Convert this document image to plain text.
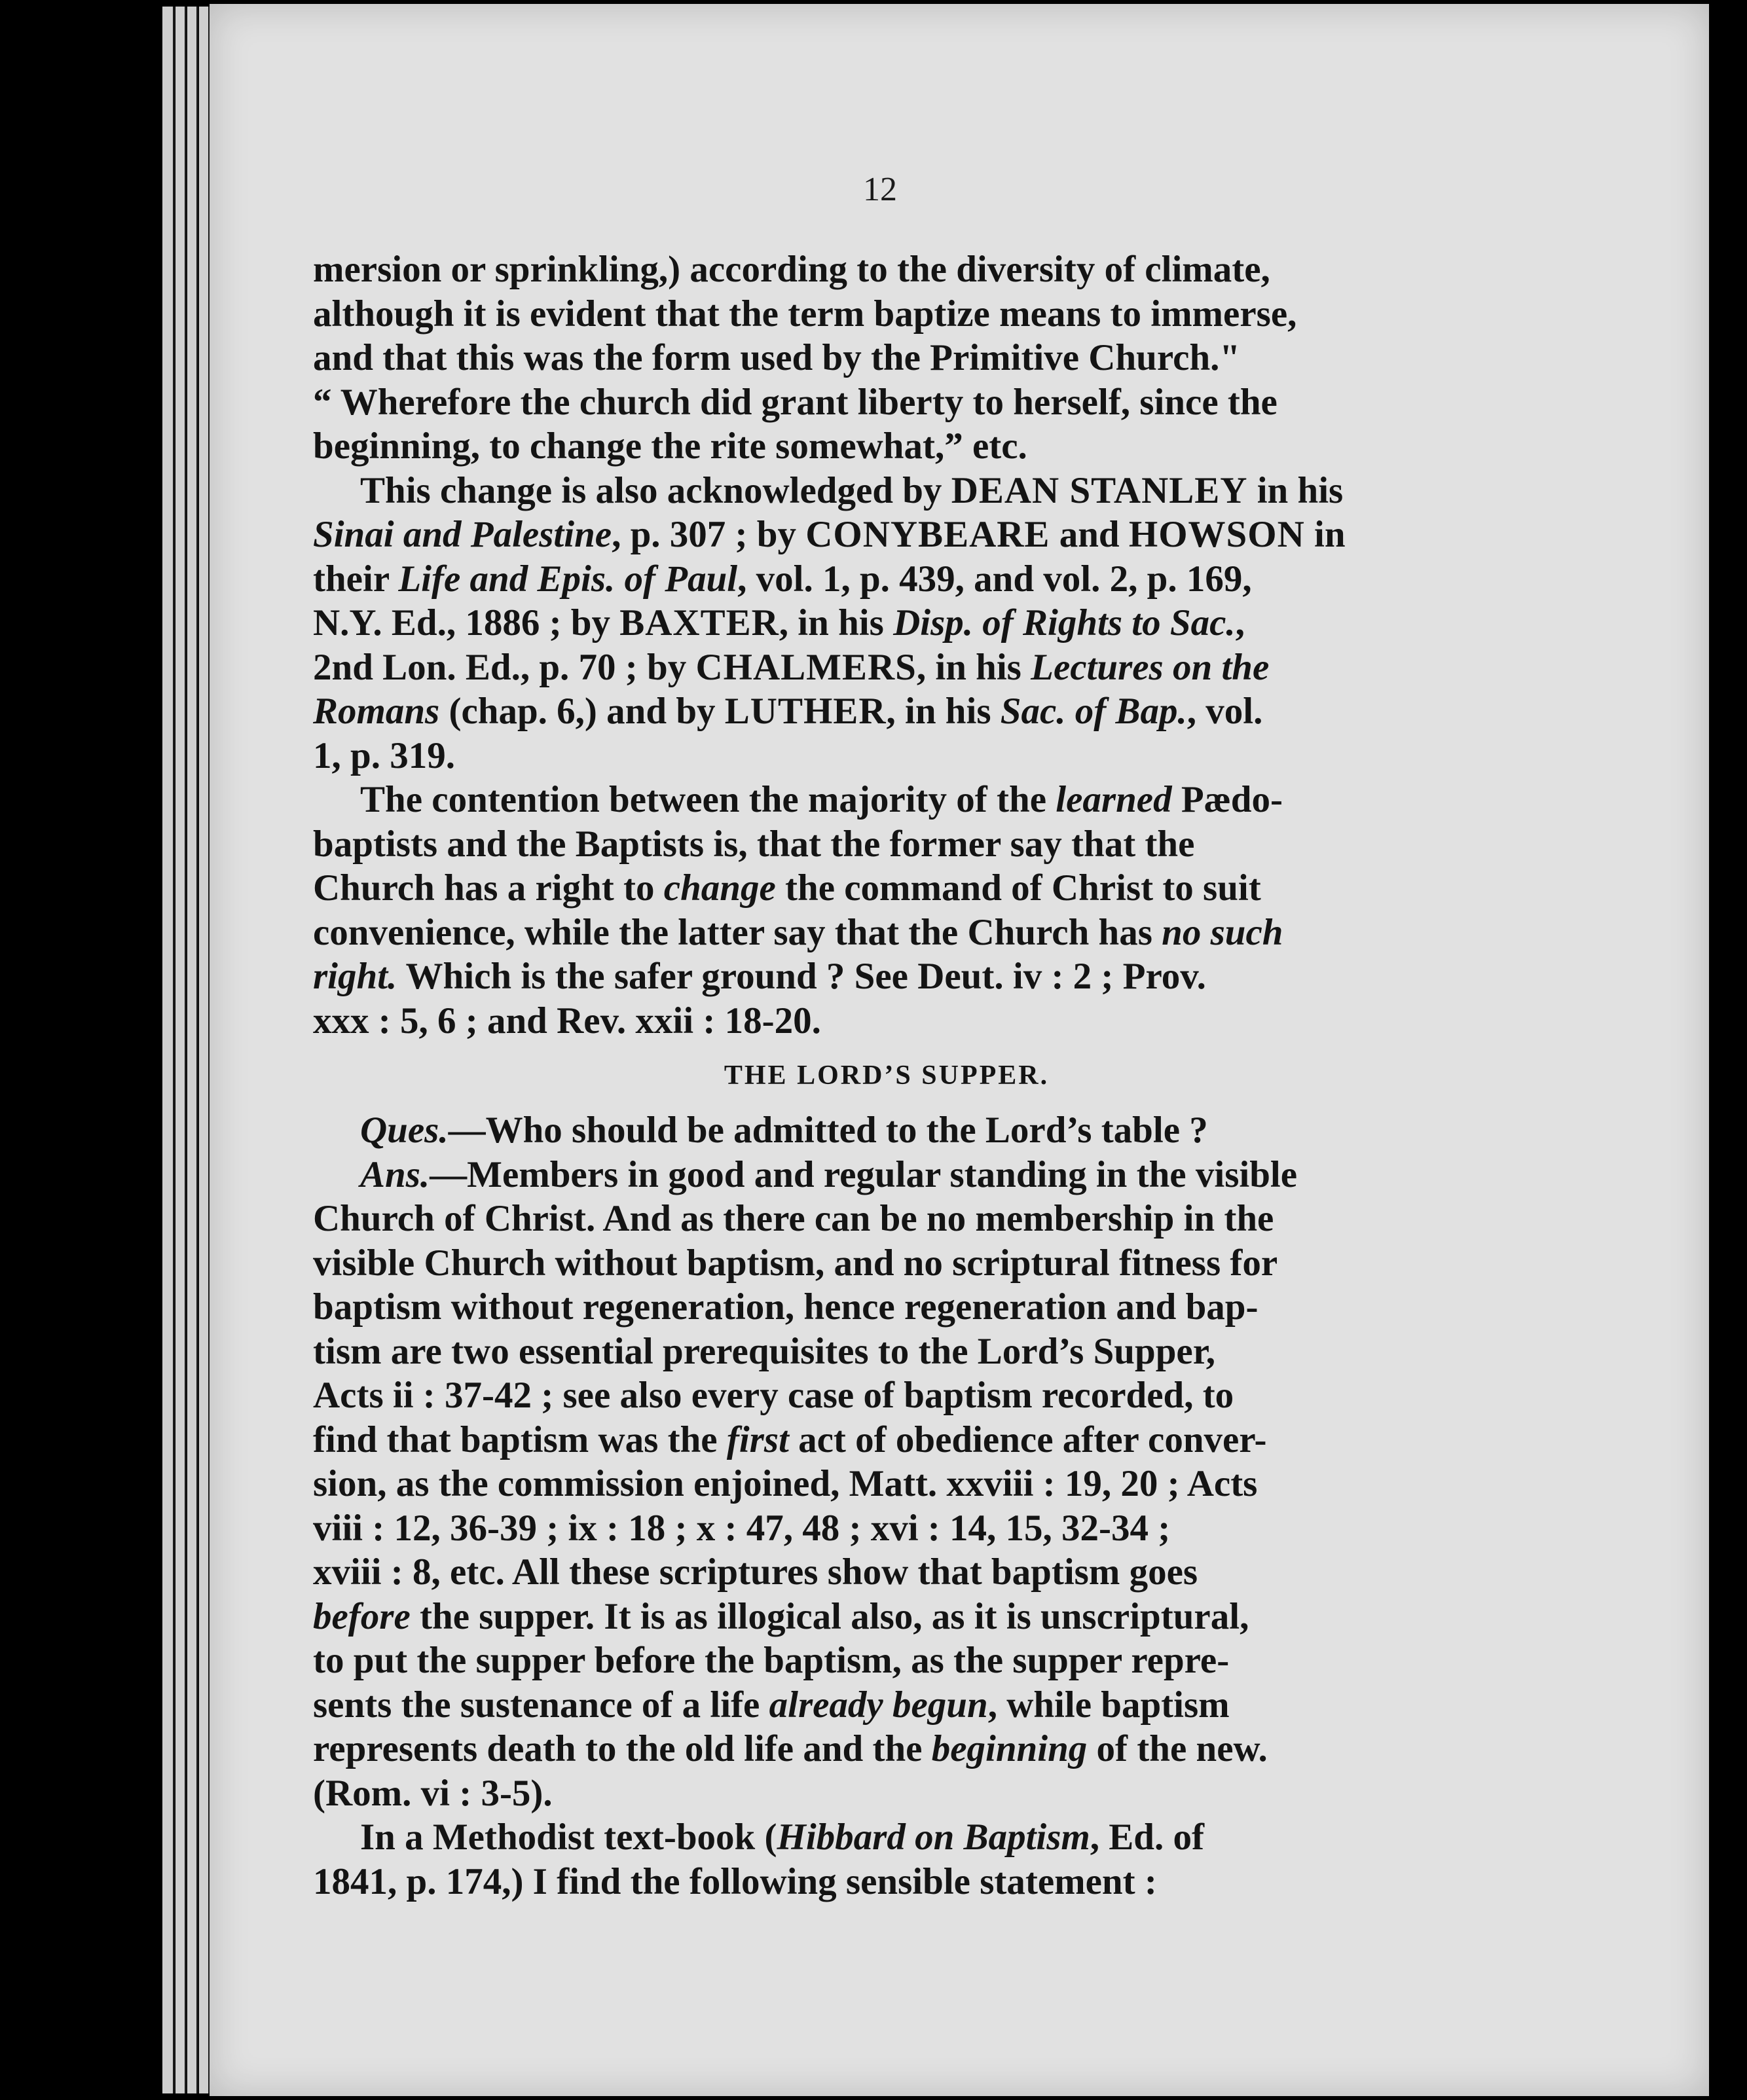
12
mersion or sprinkling,) according to the diversity of climate,
although it is evident that the term baptize means to immerse,
and that this was the form used by the Primitive Church."
“ Wherefore the church did grant liberty to herself, since the
beginning, to change the rite somewhat,” etc.
This change is also acknowledged by DEAN STANLEY in his
Sinai and Palestine, p. 307 ; by CONYBEARE and HOWSON in
their Life and Epis. of Paul, vol. 1, p. 439, and vol. 2, p. 169,
N.Y. Ed., 1886 ; by BAXTER, in his Disp. of Rights to Sac.,
2nd Lon. Ed., p. 70 ; by CHALMERS, in his Lectures on the
Romans (chap. 6,) and by LUTHER, in his Sac. of Bap., vol.
1, p. 319.
The contention between the majority of the learned Pædo-
baptists and the Baptists is, that the former say that the
Church has a right to change the command of Christ to suit
convenience, while the latter say that the Church has no such
right. Which is the safer ground ? See Deut. iv : 2 ; Prov.
xxx : 5, 6 ; and Rev. xxii : 18-20.
THE LORD’S SUPPER.
Ques.—Who should be admitted to the Lord’s table ?
Ans.—Members in good and regular standing in the visible
Church of Christ. And as there can be no membership in the
visible Church without baptism, and no scriptural fitness for
baptism without regeneration, hence regeneration and bap-
tism are two essential prerequisites to the Lord’s Supper,
Acts ii : 37-42 ; see also every case of baptism recorded, to
find that baptism was the first act of obedience after conver-
sion, as the commission enjoined, Matt. xxviii : 19, 20 ; Acts
viii : 12, 36-39 ; ix : 18 ; x : 47, 48 ; xvi : 14, 15, 32-34 ;
xviii : 8, etc. All these scriptures show that baptism goes
before the supper. It is as illogical also, as it is unscriptural,
to put the supper before the baptism, as the supper repre-
sents the sustenance of a life already begun, while baptism
represents death to the old life and the beginning of the new.
(Rom. vi : 3-5).
In a Methodist text-book (Hibbard on Baptism, Ed. of
1841, p. 174,) I find the following sensible statement :
